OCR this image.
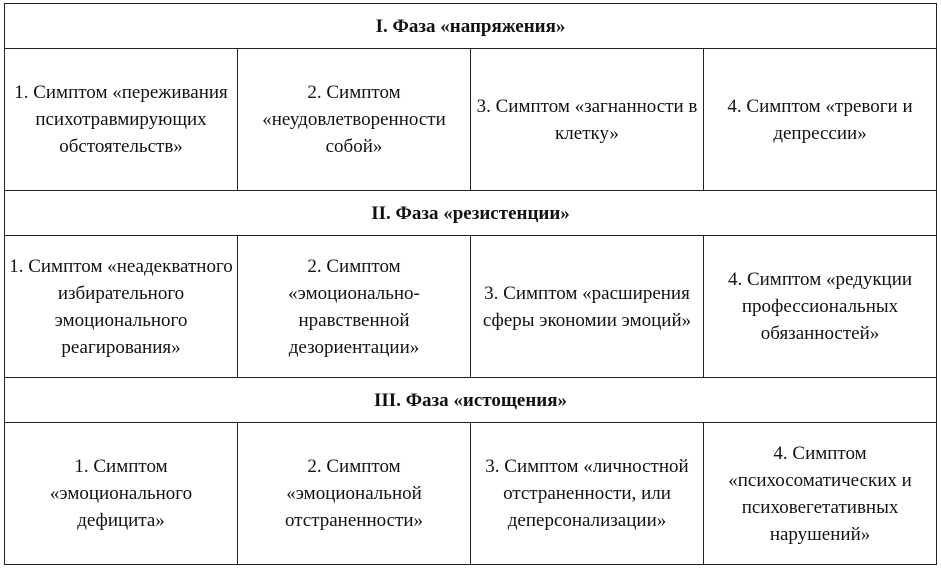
I. Фаза «напряжения»			
1. Симптом «переживания психотравмирующих обстоятельств»	2. Симптом «неудовлетворенности собой»	3. Симптом «загнанности в клетку»	4. Симптом «тревоги и депрессии»
II. Фаза «резистенции»			
1. Симптом «неадекватного избирательного эмоционального реагирования»	2. Симптом «эмоционально-нравственной дезориентации»	3. Симптом «расширения сферы экономии эмоций»	4. Симптом «редукции профессиональных обязанностей»
III. Фаза «истощения»			
1. Симптом «эмоционального дефицита»	2. Симптом «эмоциональной отстраненности»	3. Симптом «личностной отстраненности, или деперсонализации»	4. Симптом «психосоматических и психовегетативных нарушений»
